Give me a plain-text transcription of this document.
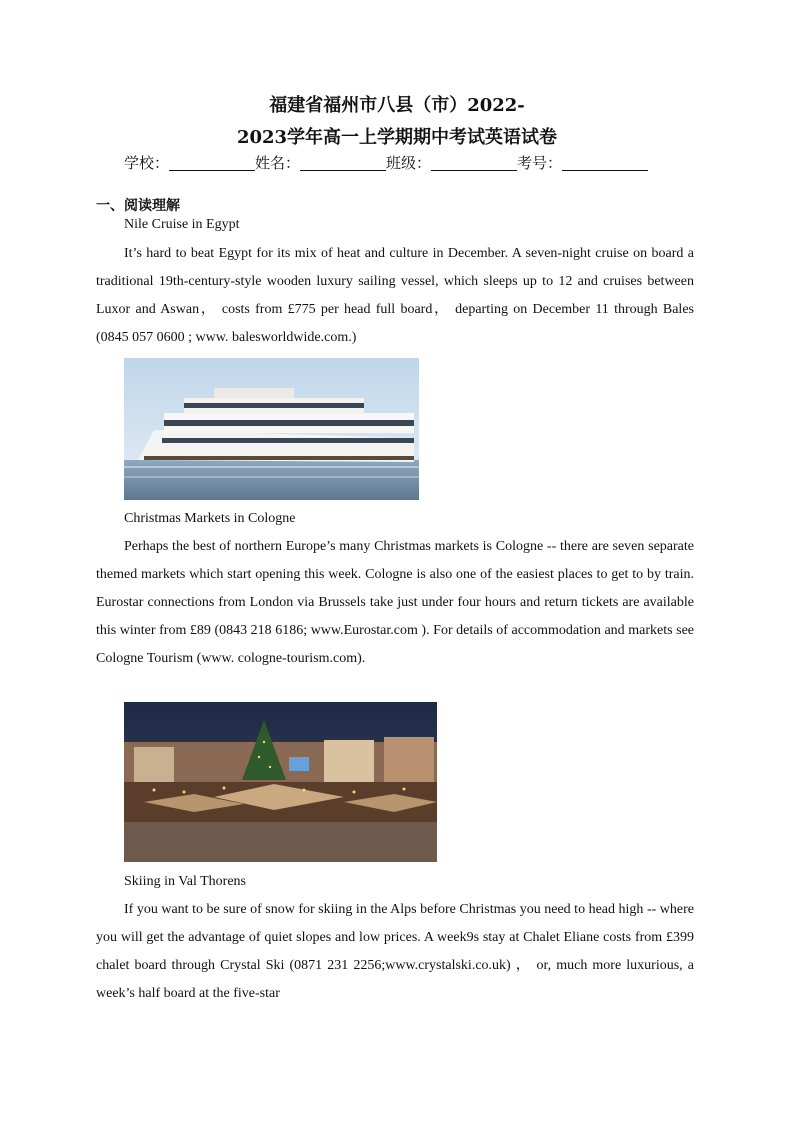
福建省福州市八县（市）2022-
2023学年高一上学期期中考试英语试卷
学校：	姓名：	班级：	考号：
一、阅读理解
Nile Cruise in Egypt

It’s hard to beat Egypt for its mix of heat and culture in December. A seven-night cruise on board a traditional 19th-century-style wooden luxury sailing vessel, which sleeps up to 12 and cruises between Luxor and Aswan， costs from £775 per head full board， departing on December 11 through Bales (0845 057 0600 ; www. balesworldwide.com.)

Christmas Markets in Cologne

Perhaps the best of northern Europe’s many Christmas markets is Cologne -- there are seven separate themed markets which start opening this week. Cologne is also one of the easiest places to get to by train. Eurostar connections from London via Brussels take just under four hours and return tickets are available this winter from £89 (0843 218 6186; www.Eurostar.com ). For details of accommodation and markets see Cologne Tourism (www. cologne-tourism.com).

Skiing in Val Thorens

If you want to be sure of snow for skiing in the Alps before Christmas you need to head high -- where you will get the advantage of quiet slopes and low prices. A week9s stay at Chalet Eliane costs from £399 chalet board through Crystal Ski (0871 231 2256;www.crystalski.co.uk) ， or, much more luxurious, a week’s half board at the five-star
